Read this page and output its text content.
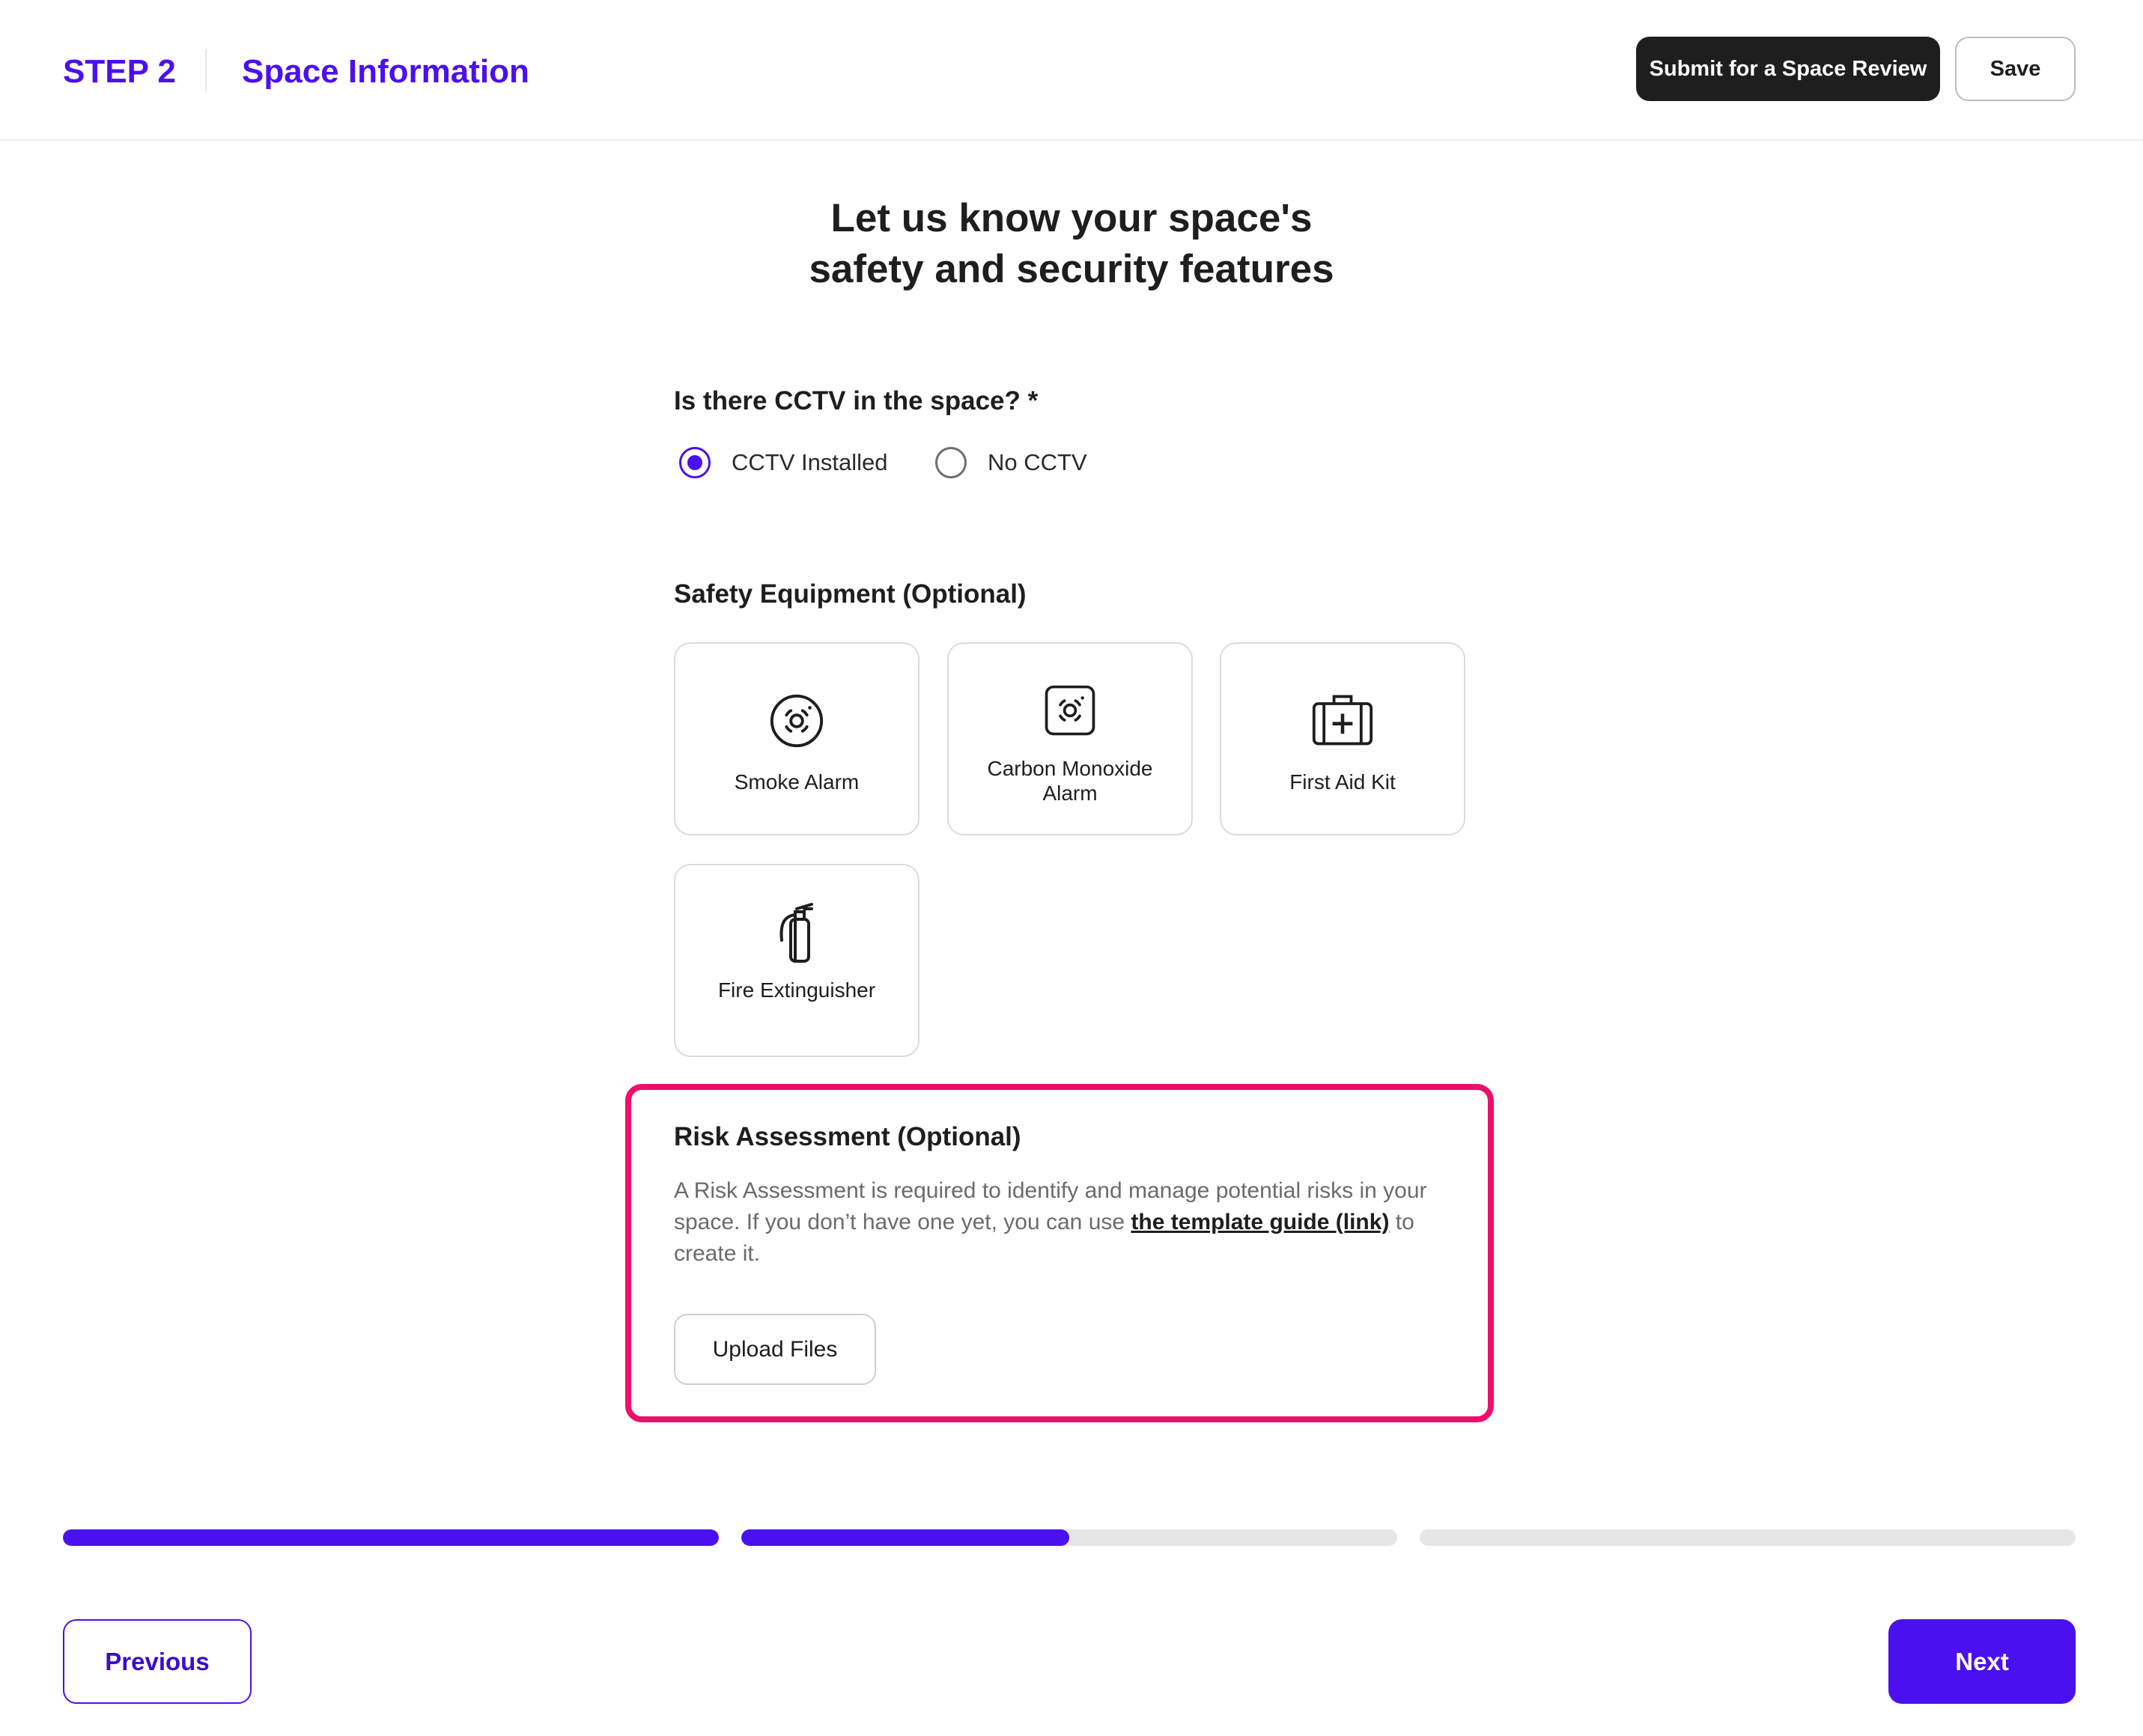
STEP 2 Space Information	Submit for a Space Review	Save
Let us know your space's
safety and security features
Is there CCTV in the space? *
CCTV Installed	No CCTV
Safety Equipment (Optional)
Smoke Alarm
Carbon Monoxide Alarm	First Aid Kit
Fire Extinguisher
Risk Assessment (Optional)

A Risk Assessment is required to identify and manage potential risks in your space. If you don’t have one yet, you can use the template guide (link) to create it.

Upload Files
Previous	Next
